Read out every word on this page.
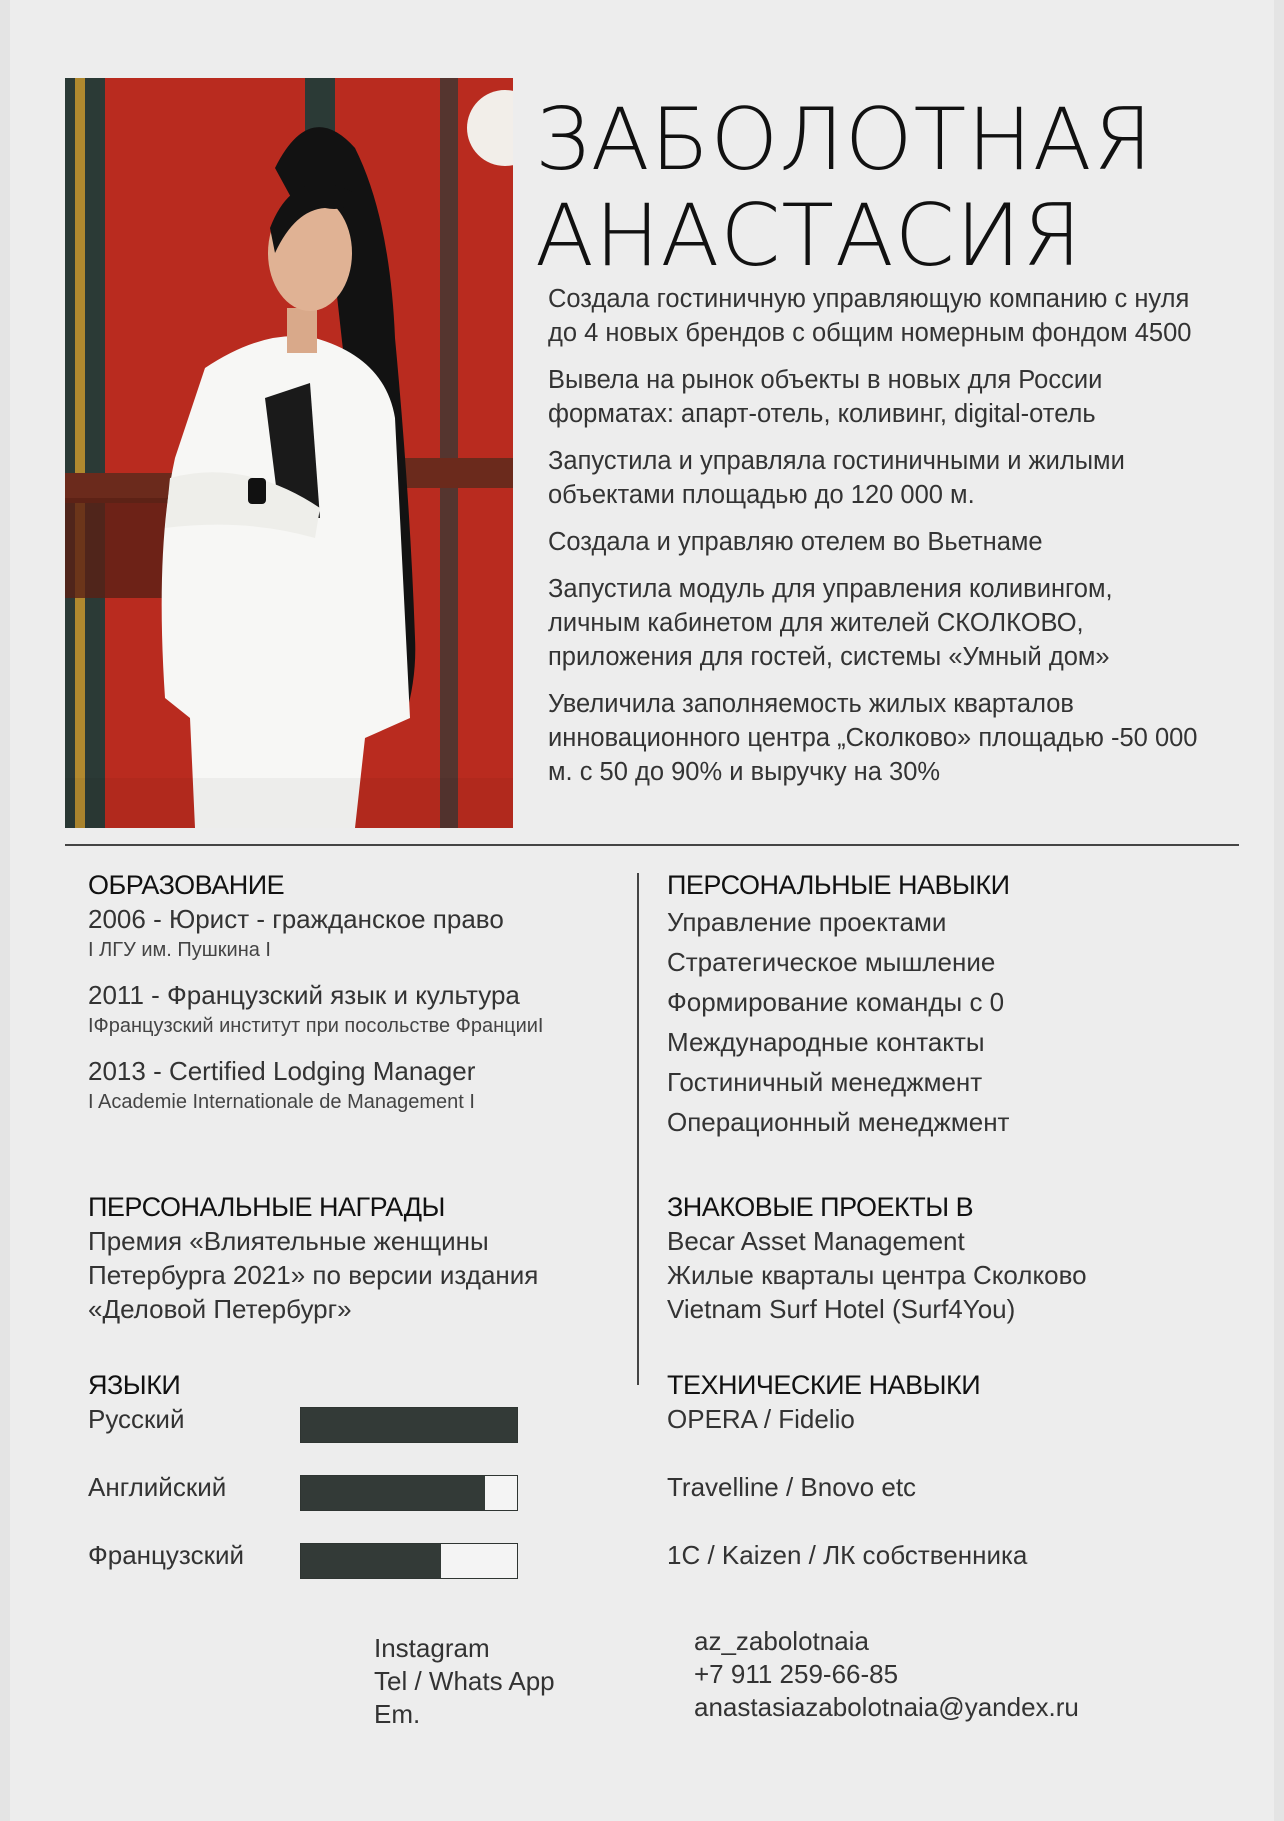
ЗАБОЛОТНАЯ
АНАСТАСИЯ
Создала гостиничную управляющую компанию с нуля до 4 новых брендов с общим номерным фондом 4500
Вывела на рынок объекты в новых для России форматах: апарт-отель, коливинг, digital-отель
Запустила и управляла гостиничными и жилыми объектами площадью до 120 000 м.
Создала и управляю отелем во Вьетнаме
Запустила модуль для управления коливингом, личным кабинетом для жителей СКОЛКОВО, приложения для гостей, системы «Умный дом»
Увеличила заполняемость жилых кварталов инновационного центра „Сколково» площадью -50 000 м. с 50 до 90% и выручку на 30%

ОБРАЗОВАНИЕ

2006 - Юрист - гражданское право

I ЛГУ им. Пушкина I

2011 - Французский язык и культура

IФранцузский институт при посольстве ФранцииI

2013 - Certified Lodging Manager

I Academie Internationale de Management I

ПЕРСОНАЛЬНЫЕ НАГРАДЫ

Премия «Влиятельные женщины Петербурга 2021» по версии издания «Деловой Петербург»

ЯЗЫКИ

Русский
Английский
Французский

ПЕРСОНАЛЬНЫЕ НАВЫКИ

Управление проектами

Стратегическое мышление

Формирование команды с 0

Международные контакты

Гостиничный менеджмент

Операционный менеджмент

ЗНАКОВЫЕ ПРОЕКТЫ В

Becar Asset Management

Жилые кварталы центра Сколково

Vietnam Surf Hotel (Surf4You)

ТЕХНИЧЕСКИЕ НАВЫКИ

OPERA / Fidelio

Travelline / Bnovo etc

1С / Kaizen / ЛК собственника

Instagram

Tel / Whats App

Em.

az_zabolotnaia

+7 911 259-66-85

anastasiazabolotnaia@yandex.ru
